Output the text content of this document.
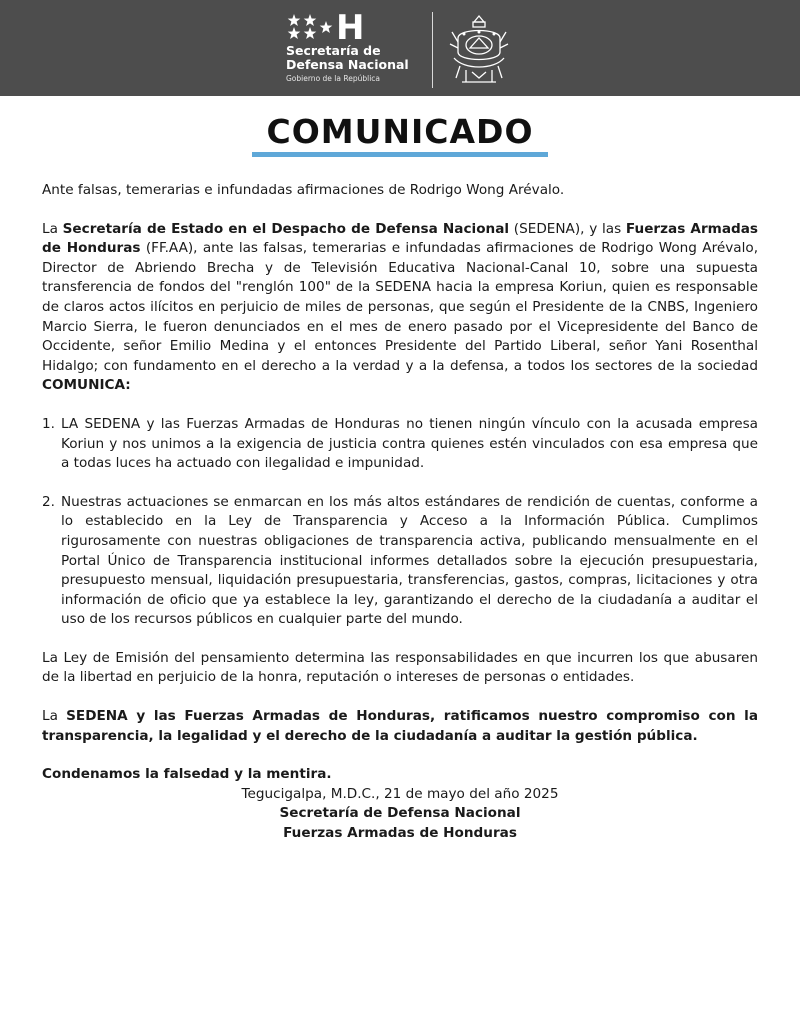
H
Secretaría de
Defensa Nacional
Gobierno de la República
COMUNICADO

Ante falsas, temerarias e infundadas afirmaciones de Rodrigo Wong Arévalo.

La Secretaría de Estado en el Despacho de Defensa Nacional (SEDENA), y las Fuerzas Armadas de Honduras (FF.AA), ante las falsas, temerarias e infundadas afirmaciones de Rodrigo Wong Arévalo, Director de Abriendo Brecha y de Televisión Educativa Nacional-Canal 10, sobre una supuesta transferencia de fondos del "renglón 100" de la SEDENA hacia la empresa Koriun, quien es responsable de claros actos ilícitos en perjuicio de miles de personas, que según el Presidente de la CNBS, Ingeniero Marcio Sierra, le fueron denunciados en el mes de enero pasado por el Vicepresidente del Banco de Occidente, señor Emilio Medina y el entonces Presidente del Partido Liberal, señor Yani Rosenthal Hidalgo; con fundamento en el derecho a la verdad y a la defensa, a todos los sectores de la sociedad COMUNICA:

1. LA SEDENA y las Fuerzas Armadas de Honduras no tienen ningún vínculo con la acusada empresa Koriun y nos unimos a la exigencia de justicia contra quienes estén vinculados con esa empresa que a todas luces ha actuado con ilegalidad e impunidad.
2. Nuestras actuaciones se enmarcan en los más altos estándares de rendición de cuentas, conforme a lo establecido en la Ley de Transparencia y Acceso a la Información Pública. Cumplimos rigurosamente con nuestras obligaciones de transparencia activa, publicando mensualmente en el Portal Único de Transparencia institucional informes detallados sobre la ejecución presupuestaria, presupuesto mensual, liquidación presupuestaria, transferencias, gastos, compras, licitaciones y otra información de oficio que ya establece la ley, garantizando el derecho de la ciudadanía a auditar el uso de los recursos públicos en cualquier parte del mundo.

La Ley de Emisión del pensamiento determina las responsabilidades en que incurren los que abusaren de la libertad en perjuicio de la honra, reputación o intereses de personas o entidades.

La SEDENA y las Fuerzas Armadas de Honduras, ratificamos nuestro compromiso con la transparencia, la legalidad y el derecho de la ciudadanía a auditar la gestión pública.

Condenamos la falsedad y la mentira.

Tegucigalpa, M.D.C., 21 de mayo del año 2025

Secretaría de Defensa Nacional

Fuerzas Armadas de Honduras
